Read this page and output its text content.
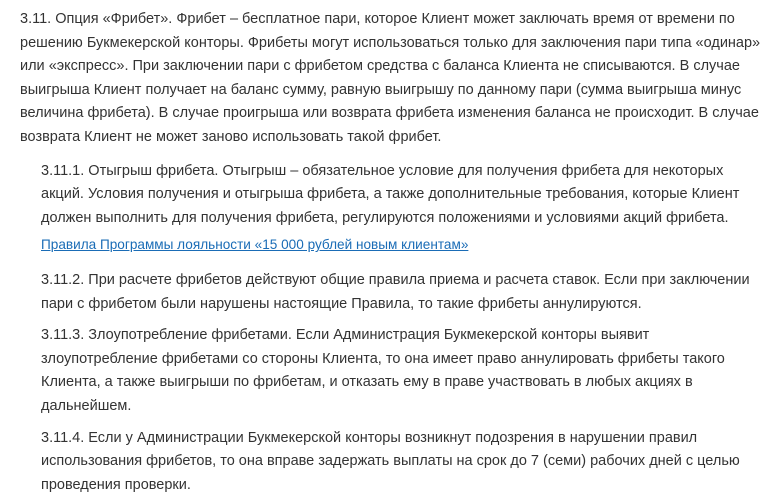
3.11. Опция «Фрибет». Фрибет – бесплатное пари, которое Клиент может заключать время от времени по решению Букмекерской конторы. Фрибеты могут использоваться только для заключения пари типа «одинар» или «экспресс». При заключении пари с фрибетом средства с баланса Клиента не списываются. В случае выигрыша Клиент получает на баланс сумму, равную выигрышу по данному пари (сумма выигрыша минус величина фрибета). В случае проигрыша или возврата фрибета изменения баланса не происходит. В случае возврата Клиент не может заново использовать такой фрибет.

3.11.1. Отыгрыш фрибета. Отыгрыш – обязательное условие для получения фрибета для некоторых акций. Условия получения и отыгрыша фрибета, а также дополнительные требования, которые Клиент должен выполнить для получения фрибета, регулируются положениями и условиями акций фрибета.

Правила Программы лояльности «15 000 рублей новым клиентам»

3.11.2. При расчете фрибетов действуют общие правила приема и расчета ставок. Если при заключении пари с фрибетом были нарушены настоящие Правила, то такие фрибеты аннулируются.

3.11.3. Злоупотребление фрибетами. Если Администрация Букмекерской конторы выявит злоупотребление фрибетами со стороны Клиента, то она имеет право аннулировать фрибеты такого Клиента, а также выигрыши по фрибетам, и отказать ему в праве участвовать в любых акциях в дальнейшем.

3.11.4. Если у Администрации Букмекерской конторы возникнут подозрения в нарушении правил использования фрибетов, то она вправе задержать выплаты на срок до 7 (семи) рабочих дней с целью проведения проверки.
